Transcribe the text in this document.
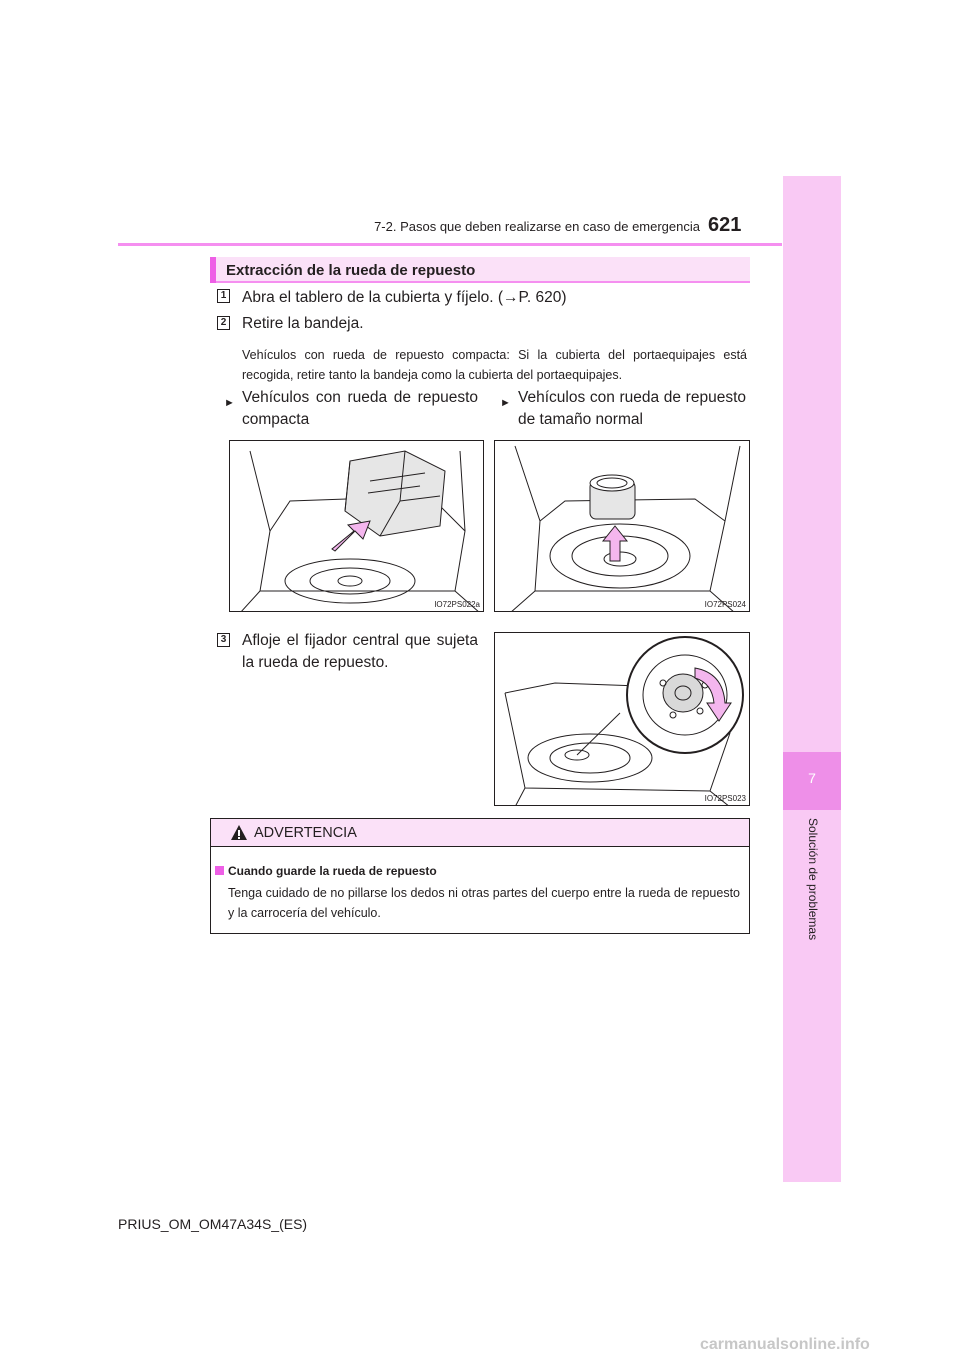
7-2. Pasos que deben realizarse en caso de emergencia 621
7
Solución de problemas
Extracción de la rueda de repuesto
1 Abra el tablero de la cubierta y fíjelo. (→P. 620)
2 Retire la bandeja.
Vehículos con rueda de repuesto compacta: Si la cubierta del portaequipajes está recogida, retire tanto la bandeja como la cubierta del portaequipajes.
► Vehículos con rueda de repuesto compacta
► Vehículos con rueda de repuesto de tamaño normal
IO72PS022a	IO72PS024
3 Afloje el fijador central que sujeta la rueda de repuesto.
IO72PS023
ADVERTENCIA
Cuando guarde la rueda de repuesto
Tenga cuidado de no pillarse los dedos ni otras partes del cuerpo entre la rueda de repuesto y la carrocería del vehículo.
PRIUS_OM_OM47A34S_(ES)
carmanualsonline.info
